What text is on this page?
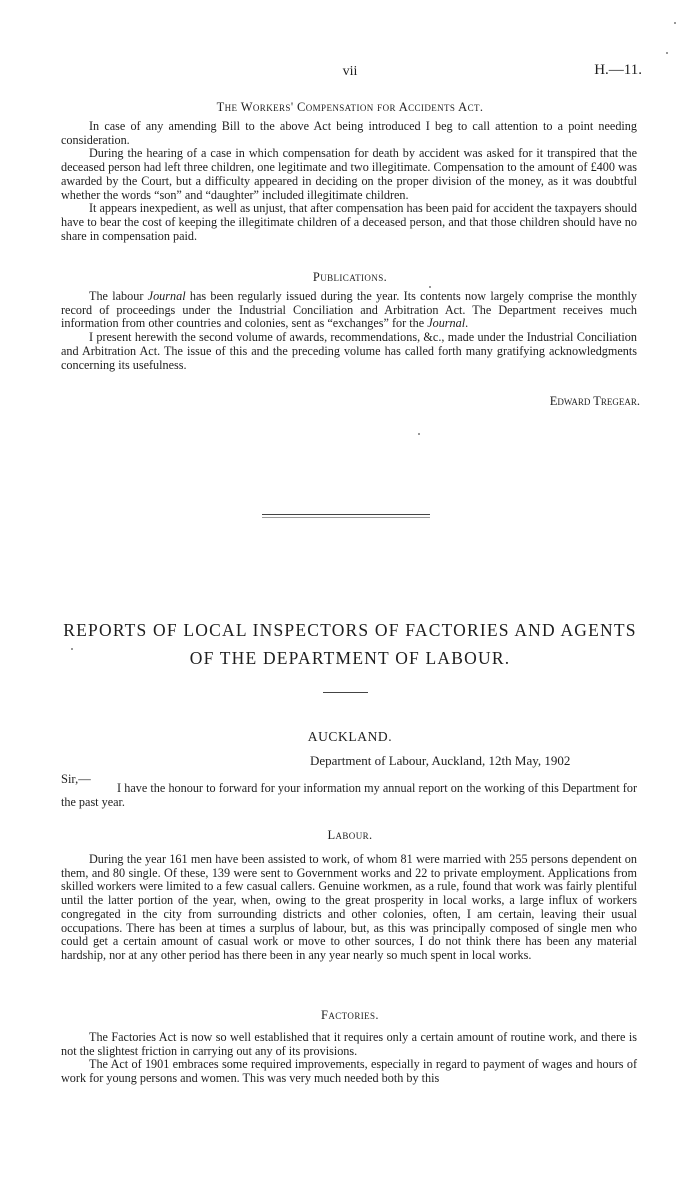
vii	H.—11.
The Workers' Compensation for Accidents Act.

In case of any amending Bill to the above Act being introduced I beg to call attention to a point needing consideration.

During the hearing of a case in which compensation for death by accident was asked for it transpired that the deceased person had left three children, one legitimate and two illegitimate. Compensation to the amount of £400 was awarded by the Court, but a difficulty appeared in deciding on the proper division of the money, as it was doubtful whether the words “son” and “daughter” included illegitimate children.

It appears inexpedient, as well as unjust, that after compensation has been paid for accident the taxpayers should have to bear the cost of keeping the illegitimate children of a deceased person, and that those children should have no share in compensation paid.

Publications.

The labour Journal has been regularly issued during the year. Its contents now largely comprise the monthly record of proceedings under the Industrial Conciliation and Arbitration Act. The Department receives much information from other countries and colonies, sent as “exchanges” for the Journal.

I present herewith the second volume of awards, recommendations, &c., made under the Industrial Conciliation and Arbitration Act. The issue of this and the preceding volume has called forth many gratifying acknowledgments concerning its usefulness.

Edward Tregear.
REPORTS OF LOCAL INSPECTORS OF FACTORIES AND AGENTS
OF THE DEPARTMENT OF LABOUR.
AUCKLAND.
Department of Labour, Auckland, 12th May, 1902
Sir,—

I have the honour to forward for your information my annual report on the working of this Department for the past year.

Labour.

During the year 161 men have been assisted to work, of whom 81 were married with 255 persons dependent on them, and 80 single. Of these, 139 were sent to Government works and 22 to private employment. Applications from skilled workers were limited to a few casual callers. Genuine workmen, as a rule, found that work was fairly plentiful until the latter portion of the year, when, owing to the great prosperity in local works, a large influx of workers congregated in the city from surrounding districts and other colonies, often, I am certain, leaving their usual occupations. There has been at times a surplus of labour, but, as this was principally composed of single men who could get a certain amount of casual work or move to other sources, I do not think there has been any material hardship, nor at any other period has there been in any year nearly so much spent in local works.

Factories.

The Factories Act is now so well established that it requires only a certain amount of routine work, and there is not the slightest friction in carrying out any of its provisions.

The Act of 1901 embraces some required improvements, especially in regard to payment of wages and hours of work for young persons and women. This was very much needed both by this
